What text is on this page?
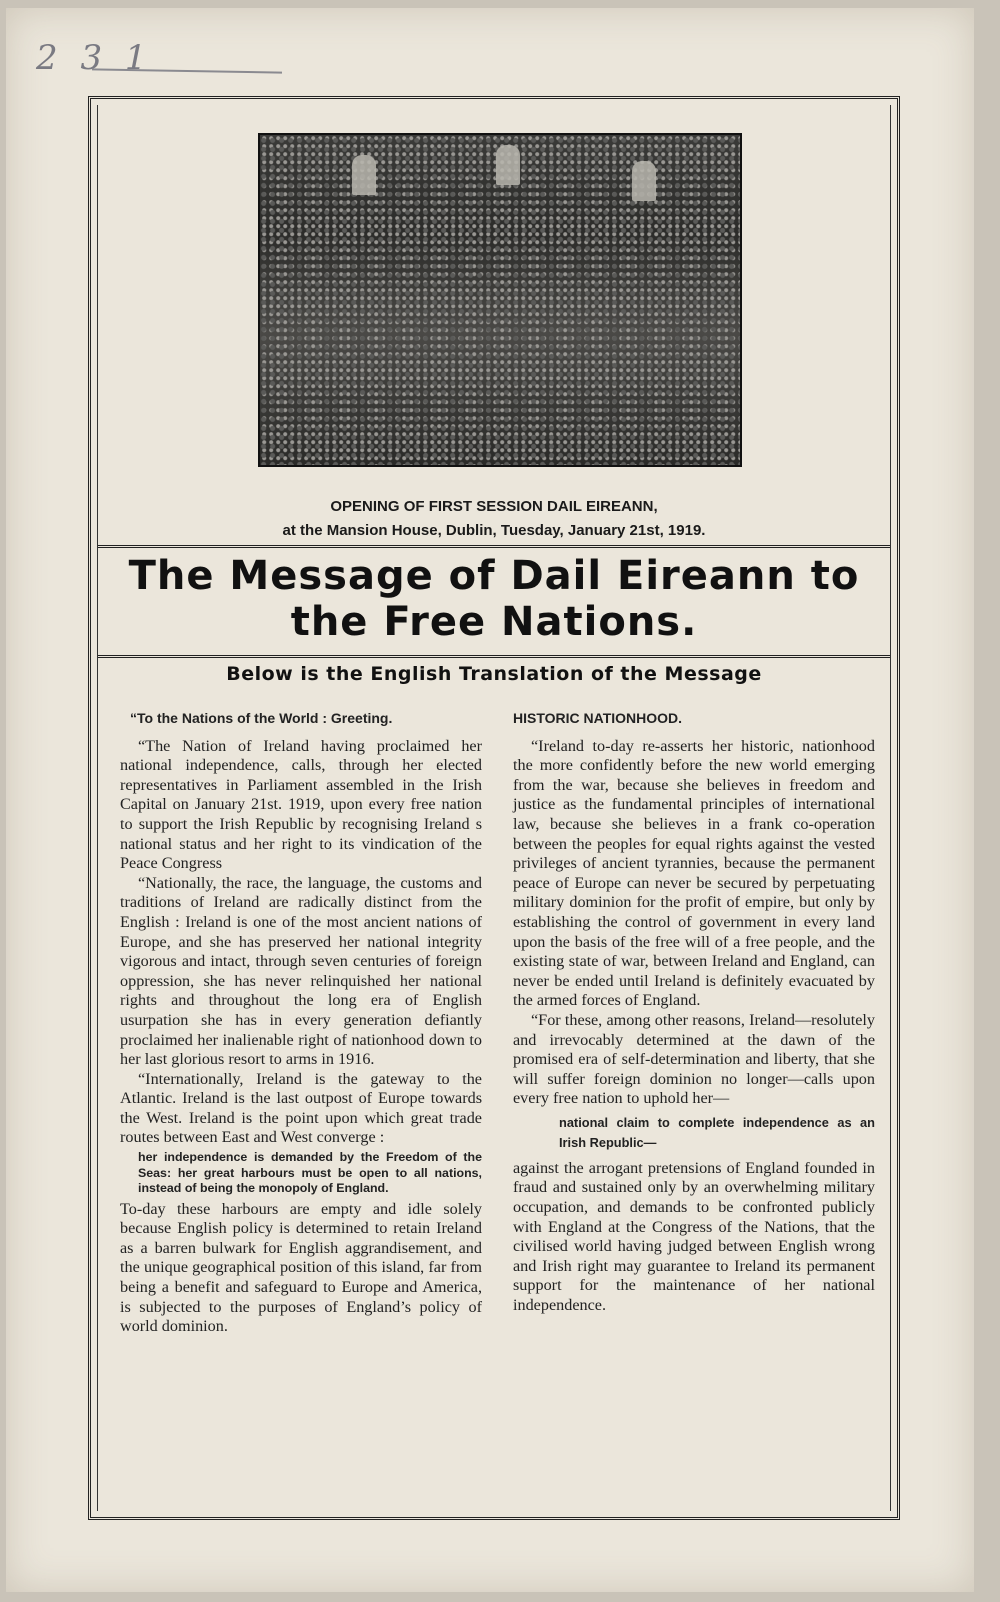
2 3 1
OPENING OF FIRST SESSION DAIL EIREANN,
at the Mansion House, Dublin, Tuesday, January 21st, 1919.
The Message of Dail Eireann to
the Free Nations.
Below is the English Translation of the Message

“To the Nations of the World : Greeting.

“The Nation of Ireland having proclaimed her national independence, calls, through her elected representatives in Parliament assembled in the Irish Capital on January 21st. 1919, upon every free nation to support the Irish Republic by recognising Ireland s national status and her right to its vindication of the Peace Congress

“Nationally, the race, the language, the customs and traditions of Ireland are radically distinct from the English : Ireland is one of the most ancient nations of Europe, and she has preserved her national integrity vigorous and intact, through seven centuries of foreign oppression, she has never relinquished her national rights and throughout the long era of English usurpation she has in every generation defiantly proclaimed her inalienable right of nationhood down to her last glorious resort to arms in 1916.

“Internationally, Ireland is the gateway to the Atlantic. Ireland is the last outpost of Europe towards the West. Ireland is the point upon which great trade routes between East and West converge :

her independence is demanded by the Freedom of the Seas: her great harbours must be open to all nations, instead of being the monopoly of England.

To-day these harbours are empty and idle solely because English policy is determined to retain Ireland as a barren bulwark for English aggrandisement, and the unique geographical position of this island, far from being a benefit and safeguard to Europe and America, is subjected to the purposes of England’s policy of world dominion.

HISTORIC NATIONHOOD.

“Ireland to-day re-asserts her historic, nationhood the more confidently before the new world emerging from the war, because she believes in freedom and justice as the fundamental principles of international law, because she believes in a frank co-operation between the peoples for equal rights against the vested privileges of ancient tyrannies, because the permanent peace of Europe can never be secured by perpetuating military dominion for the profit of empire, but only by establishing the control of government in every land upon the basis of the free will of a free people, and the existing state of war, between Ireland and England, can never be ended until Ireland is definitely evacuated by the armed forces of England.

“For these, among other reasons, Ireland—resolutely and irrevocably determined at the dawn of the promised era of self-determination and liberty, that she will suffer foreign dominion no longer—calls upon every free nation to uphold her—

national claim to complete independence as an Irish Republic—

against the arrogant pretensions of England founded in fraud and sustained only by an overwhelming military occupation, and demands to be confronted publicly with England at the Congress of the Nations, that the civilised world having judged between English wrong and Irish right may guarantee to Ireland its permanent support for the maintenance of her national independence.
